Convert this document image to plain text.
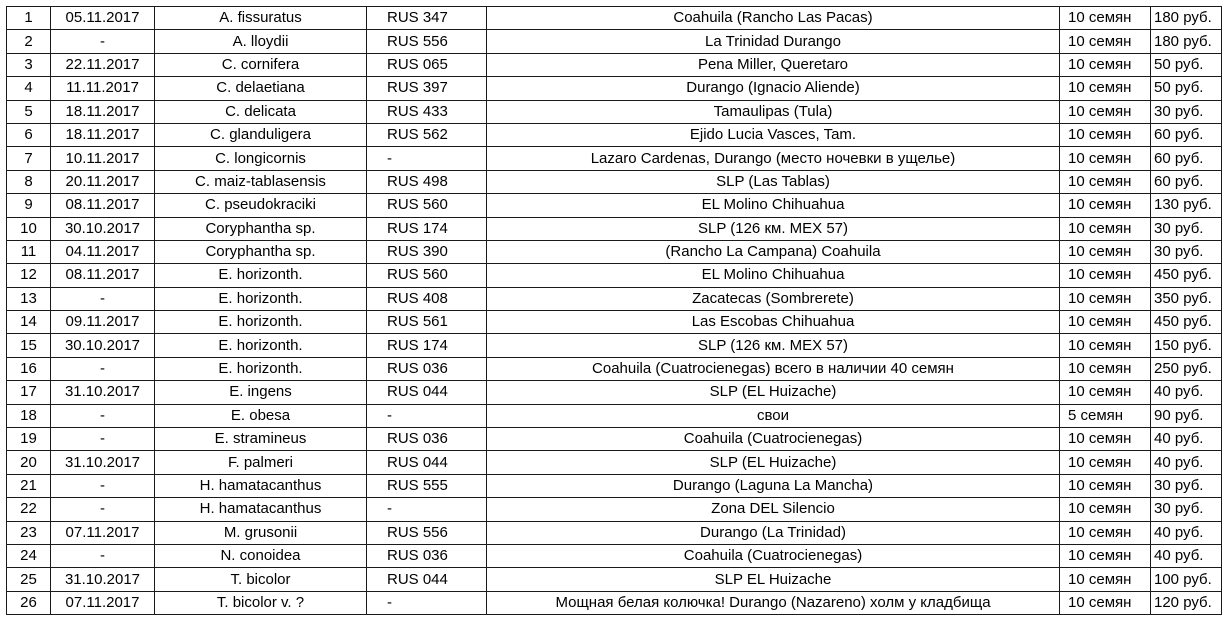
1	05.11.2017	A. fissuratus	RUS 347	Coahuila (Rancho Las Pacas)	10 семян	180 руб.
2	-	A. lloydii	RUS 556	La Trinidad Durango	10 семян	180 руб.
3	22.11.2017	C. cornifera	RUS 065	Pena Miller, Queretaro	10 семян	50 руб.
4	11.11.2017	C. delaetiana	RUS 397	Durango (Ignacio Aliende)	10 семян	50 руб.
5	18.11.2017	C. delicata	RUS 433	Tamaulipas (Tula)	10 семян	30 руб.
6	18.11.2017	C. glanduligera	RUS 562	Ejido Lucia Vasces, Tam.	10 семян	60 руб.
7	10.11.2017	C. longicornis	-	Lazaro Cardenas, Durango (место ночевки в ущелье)	10 семян	60 руб.
8	20.11.2017	C. maiz-tablasensis	RUS 498	SLP (Las Tablas)	10 семян	60 руб.
9	08.11.2017	C. pseudokraciki	RUS 560	EL Molino Chihuahua	10 семян	130 руб.
10	30.10.2017	Coryphantha sp.	RUS 174	SLP (126 км. MEX 57)	10 семян	30 руб.
11	04.11.2017	Coryphantha sp.	RUS 390	(Rancho La Campana) Coahuila	10 семян	30 руб.
12	08.11.2017	E. horizonth.	RUS 560	EL Molino Chihuahua	10 семян	450 руб.
13	-	E. horizonth.	RUS 408	Zacatecas (Sombrerete)	10 семян	350 руб.
14	09.11.2017	E. horizonth.	RUS 561	Las Escobas Chihuahua	10 семян	450 руб.
15	30.10.2017	E. horizonth.	RUS 174	SLP (126 км. MEX 57)	10 семян	150 руб.
16	-	E. horizonth.	RUS 036	Coahuila (Cuatrocienegas) всего в наличии 40 семян	10 семян	250 руб.
17	31.10.2017	E. ingens	RUS 044	SLP (EL Huizache)	10 семян	40 руб.
18	-	E. obesa	-	свои	5 семян	90 руб.
19	-	E. stramineus	RUS 036	Coahuila (Cuatrocienegas)	10 семян	40 руб.
20	31.10.2017	F. palmeri	RUS 044	SLP (EL Huizache)	10 семян	40 руб.
21	-	H. hamatacanthus	RUS 555	Durango (Laguna La Mancha)	10 семян	30 руб.
22	-	H. hamatacanthus	-	Zona DEL Silencio	10 семян	30 руб.
23	07.11.2017	M. grusonii	RUS 556	Durango (La Trinidad)	10 семян	40 руб.
24	-	N. conoidea	RUS 036	Coahuila (Cuatrocienegas)	10 семян	40 руб.
25	31.10.2017	T. bicolor	RUS 044	SLP EL Huizache	10 семян	100 руб.
26	07.11.2017	T. bicolor v. ?	-	Мощная белая колючка! Durango (Nazareno) холм у кладбища	10 семян	120 руб.
